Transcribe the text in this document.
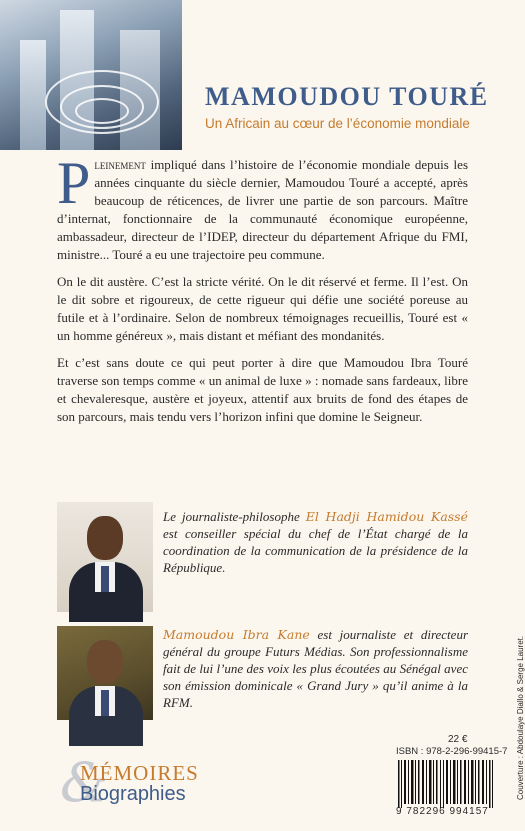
MAMOUDOU TOURÉ

Un Africain au cœur de l’économie mondiale

Pleinement impliqué dans l’histoire de l’économie mondiale depuis les années cinquante du siècle dernier, Mamoudou Touré a accepté, après beaucoup de réticences, de livrer une partie de son parcours. Maître d’internat, fonctionnaire de la communauté économique européenne, ambassadeur, directeur de l’IDEP, directeur du département Afrique du FMI, ministre... Touré a eu une trajectoire peu commune.

On le dit austère. C’est la stricte vérité. On le dit réservé et ferme. Il l’est. On le dit sobre et rigoureux, de cette rigueur qui défie une société poreuse au futile et à l’ordinaire. Selon de nombreux témoignages recueillis, Touré est « un homme généreux », mais distant et méfiant des mondanités.

Et c’est sans doute ce qui peut porter à dire que Mamoudou Ibra Touré traverse son temps comme « un animal de luxe » : nomade sans fardeaux, libre et chevaleresque, austère et joyeux, attentif aux bruits de fond des étapes de son parcours, mais tendu vers l’horizon infini que domine le Seigneur.

Le journaliste-philosophe El Hadji Hamidou Kassé est conseiller spécial du chef de l’État chargé de la coordination de la communication de la présidence de la République.
Mamoudou Ibra Kane est journaliste et directeur général du groupe Futurs Médias. Son professionnalisme fait de lui l’une des voix les plus écoutées au Sénégal avec son émission dominicale « Grand Jury » qu’il anime à la RFM.
&
MÉMOIRES
Biographies
22 €
ISBN : 978-2-296-99415-7
9 782296 994157
Couverture : Abdoulaye Diallo & Serge Lauret.
